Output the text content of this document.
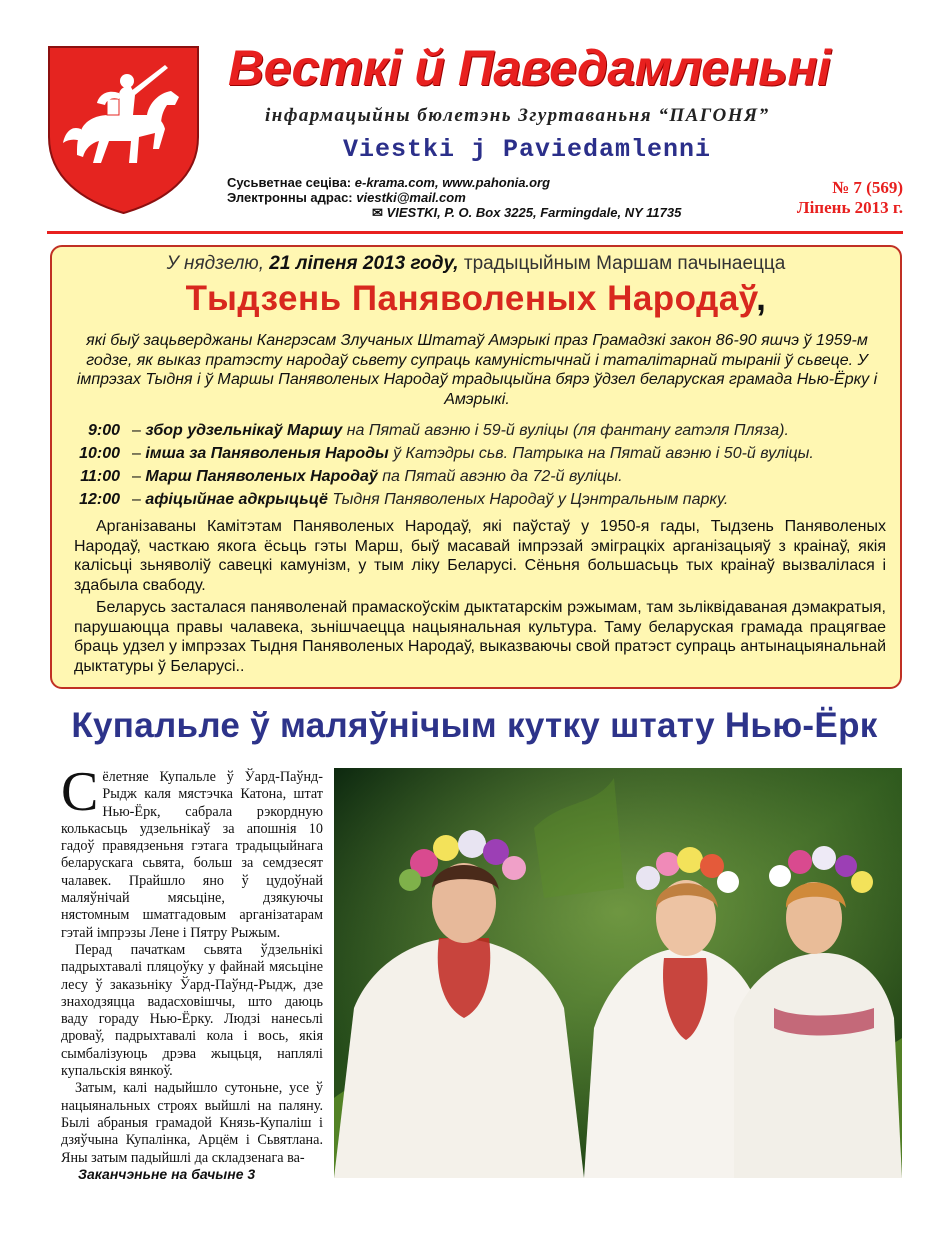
Весткі й Паведамленьні
інфармацыйны бюлетэнь Згуртаваньня “ПАГОНЯ”
Viestki j Paviedamlenni
Сусьветнае сеціва: e-krama.com, www.pahonia.org
Электронны адрас: viestki@mail.com
✉ VIESTKI, P. O. Box 3225, Farmingdale, NY 11735
№ 7 (569)
Ліпень 2013 г.
У нядзелю, 21 ліпеня 2013 году, традыцыйным Маршам пачынаецца
Тыдзень Паняволеных Народаў,
які быў зацьверджаны Кангрэсам Злучаных Штатаў Амэрыкі праз Грамадзкі закон 86-90 яшчэ ў 1959-м годзе, як выказ пратэсту народаў сьвету супраць камуністычнай і таталітарнай тыраніі ў сьвеце. У імпрэзах Тыдня і ў Маршы Паняволеных Народаў традыцыйна бярэ ўдзел беларуская грамада Нью-Ёрку і Амэрыкі.
9:00 – збор удзельнікаў Маршу на Пятай авэню і 59-й вуліцы (ля фантану гатэля Пляза).
10:00 – імша за Паняволеныя Народы ў Катэдры сьв. Патрыка на Пятай авэню і 50-й вуліцы.
11:00 – Марш Паняволеных Народаў па Пятай авэню да 72-й вуліцы.
12:00 – афіцыйнае адкрыцьцё Тыдня Паняволеных Народаў у Цэнтральным парку.
Арганізаваны Камітэтам Паняволеных Народаў, які паўстаў у 1950-я гады, Тыдзень Паняволеных Народаў, часткаю якога ёсьць гэты Марш, быў масавай імпрэзай эміграцкіх арганізацыяў з краінаў, якія калісьці зьняволіў савецкі камунізм, у тым ліку Беларусі. Сёньня большасьць тых краінаў вызвалілася і здабыла свабоду.
Беларусь засталася паняволенай прамаскоўскім дыктатарскім рэжымам, там зьліквідаваная дэмакратыя, парушаюцца правы чалавека, зьнішчаецца нацыянальная культура. Таму беларуская грамада працягвае браць удзел у імпрэзах Тыдня Паняволеных Народаў, выказваючы свой пратэст супраць антынацыянальнай дыктатуры ў Беларусі..
Купальле ў маляўнічым кутку штату Нью-Ёрк

Сёлетняе Купальле ў Ўард-Паўнд-Рыдж каля мястэчка Катона, штат Нью-Ёрк, сабрала рэкордную колькасьць удзельнікаў за апошнія 10 гадоў правядзеньня гэтага традыцыйнага беларускага сьвята, больш за семдзесят чалавек. Прайшло яно ў цудоўнай маляўнічай мясьціне, дзякуючы нястомным шматгадовым арганізатарам гэтай імпрэзы Лене і Пятру Рыжым.

Перад пачаткам сьвята ўдзельнікі падрыхтавалі пляцоўку у файнай мясьціне лесу ў заказьніку Ўард-Паўнд-Рыдж, дзе знаходзяцца вадасховішчы, што даюць ваду гораду Нью-Ёрку. Людзі нанесьлі дроваў, падрыхтавалі кола і вось, якія сымбалізуюць дрэва жыцьця, наплялі купальскія вянкоў.

Затым, калі надыйшло сутоньне, усе ў нацыянальных строях выйшлі на паляну. Былі абраныя грамадой Князь-Купаліш і дзяўчына Купалінка, Арцём і Сьвятлана. Яны затым падыйшлі да складзенага ва-

Заканчэньне на бачыне 3
